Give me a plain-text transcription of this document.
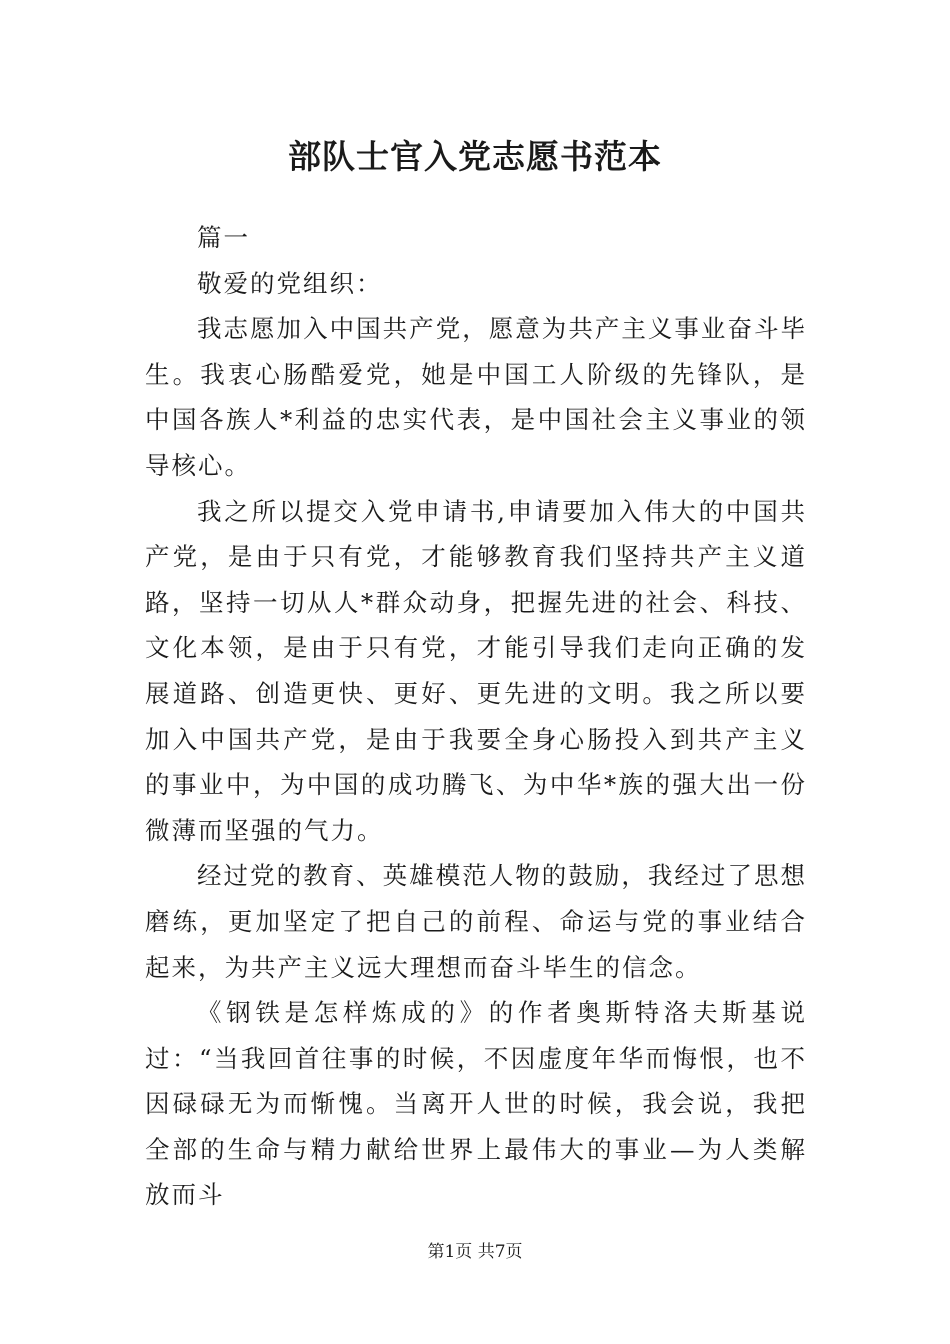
部队士官入党志愿书范本

篇一

敬爱的党组织：

我志愿加入中国共产党，愿意为共产主义事业奋斗毕生。我衷心肠酷爱党，她是中国工人阶级的先锋队，是中国各族人*利益的忠实代表，是中国社会主义事业的领导核心。

我之所以提交入党申请书,申请要加入伟大的中国共产党，是由于只有党，才能够教育我们坚持共产主义道路，坚持一切从人*群众动身，把握先进的社会、科技、文化本领，是由于只有党，才能引导我们走向正确的发展道路、创造更快、更好、更先进的文明。我之所以要加入中国共产党，是由于我要全身心肠投入到共产主义的事业中，为中国的成功腾飞、为中华*族的强大出一份微薄而坚强的气力。

经过党的教育、英雄模范人物的鼓励，我经过了思想磨练，更加坚定了把自己的前程、命运与党的事业结合起来，为共产主义远大理想而奋斗毕生的信念。

《钢铁是怎样炼成的》的作者奥斯特洛夫斯基说过：“当我回首往事的时候，不因虚度年华而悔恨，也不因碌碌无为而惭愧。当离开人世的时候，我会说，我把全部的生命与精力献给世界上最伟大的事业—为人类解放而斗

第1页 共7页
